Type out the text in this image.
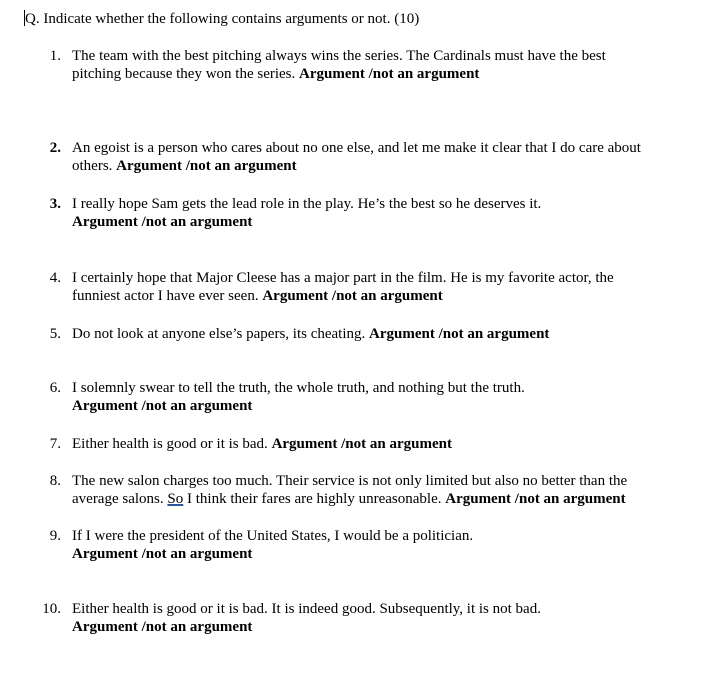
Q. Indicate whether the following contains arguments or not. (10)
1. The team with the best pitching always wins the series. The Cardinals must have the best
pitching because they won the series. Argument /not an argument
2. An egoist is a person who cares about no one else, and let me make it clear that I do care about
others. Argument /not an argument
3. I really hope Sam gets the lead role in the play. He’s the best so he deserves it.
Argument /not an argument
4. I certainly hope that Major Cleese has a major part in the film. He is my favorite actor, the
funniest actor I have ever seen. Argument /not an argument
5. Do not look at anyone else’s papers, its cheating. Argument /not an argument
6. I solemnly swear to tell the truth, the whole truth, and nothing but the truth.
Argument /not an argument
7. Either health is good or it is bad. Argument /not an argument
8. The new salon charges too much. Their service is not only limited but also no better than the
average salons. So I think their fares are highly unreasonable. Argument /not an argument
9. If I were the president of the United States, I would be a politician.
Argument /not an argument
10. Either health is good or it is bad. It is indeed good. Subsequently, it is not bad.
Argument /not an argument
